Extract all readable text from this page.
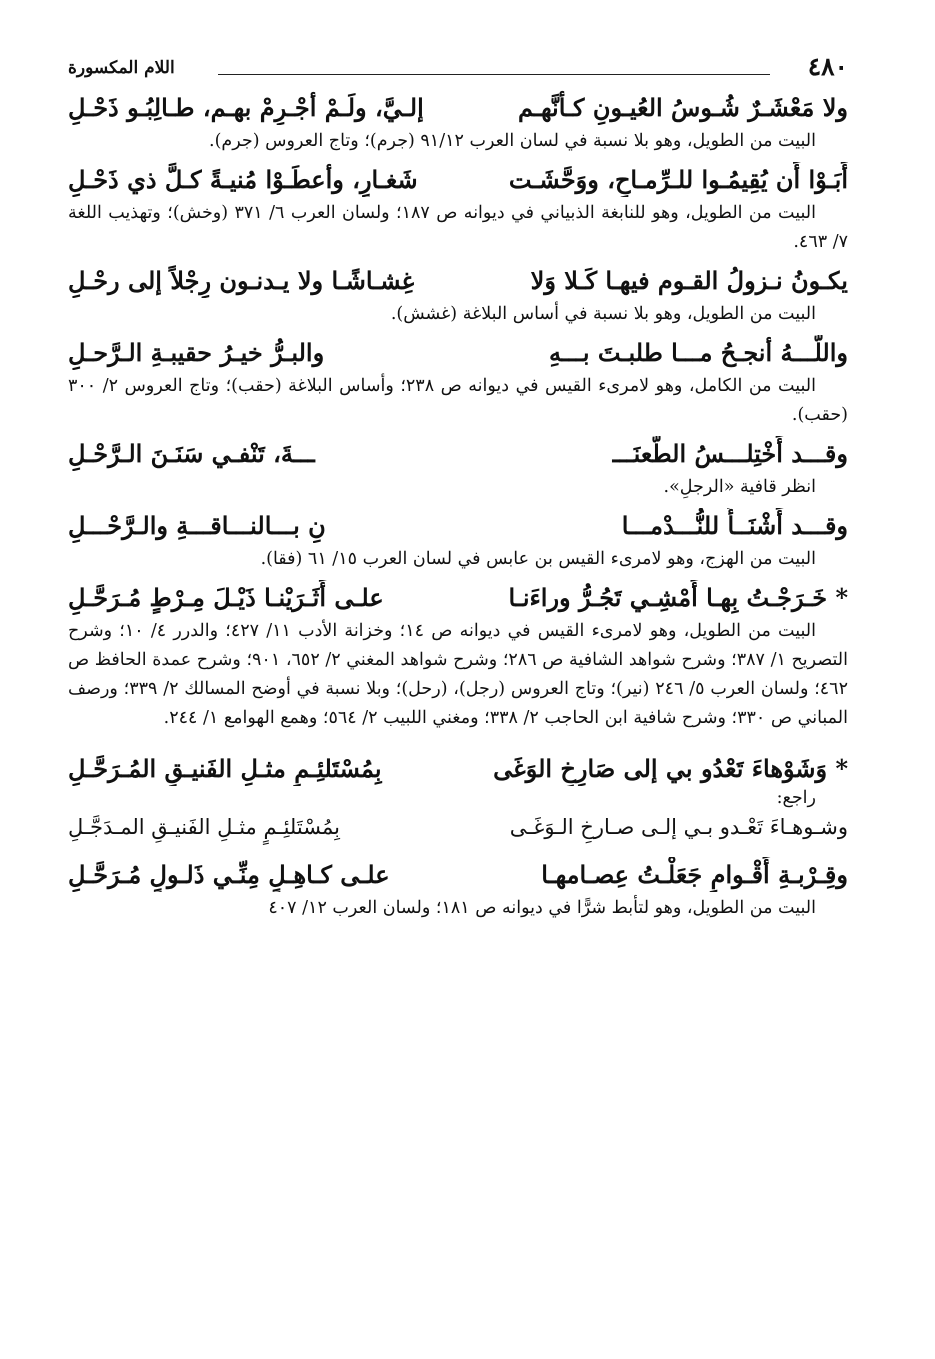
٤٨٠
اللام المكسورة
ولا مَعْشَـرٌ شُـوسُ العُيـونِ كـأنَّهـم
إلـيَّ، ولَـمْ أجْـرِمْ بهـم، طـالِبُـو ذَحْـلِ

البيت من الطويل، وهو بلا نسبة في لسان العرب ٩١/١٢ (جرم)؛ وتاج العروس (جرم).

أَبَـوْا أَن يُقِيمُـوا للـرِّمـاحِ، ووَحَّشَـت
شَغـارٍ، وأعطَـوْا مُنيـةً كـلَّ ذي ذَحْـلِ

البيت من الطويل، وهو للنابغة الذبياني في ديوانه ص ١٨٧؛ ولسان العرب ٦/ ٣٧١ (وخش)؛ وتهذيب اللغة ٧/ ٤٦٣.

يكـونُ نـزولُ القـوم فيهـا كَـلا وَلا
غِشـاشًـا ولا يـدنـون رِجْلاً إلى رحْـلِ

البيت من الطويل، وهو بلا نسبة في أساس البلاغة (غشش).

واللَّـــهُ أنجـحُ مـــا طلبـتَ بـــهِ
والبـرُّ خيـرُ حقيبـةِ الـرَّحـلِ

البيت من الكامل، وهو لامرىء القيس في ديوانه ص ٢٣٨؛ وأساس البلاغة (حقب)؛ وتاج العروس ٢/ ٣٠٠ (حقب).

وقـــد أَخْتِلـــسُ الطَّعنَـــ
ـــةَ، تَنْفـي سَنَـنَ الـرَّحْـلِ

انظر قافية «الرجلِ».

وقـــد أَشْنَــأُ للنُّـــدْمـــا
نِ بـــالنـــاقـــةِ والـرَّحْـــلِ

البيت من الهزج، وهو لامرىء القيس بن عابس في لسان العرب ١٥/ ٦١ (فقا).

* خَـرَجْـتُ بِهـا أَمْشِـي تَجُـرُّ وراءَنـا
علـى أَثَـرَيْنـا ذَيْـلَ مِـرْطٍ مُـرَحَّـلِ

البيت من الطويل، وهو لامرىء القيس في ديوانه ص ١٤؛ وخزانة الأدب ١١/ ٤٢٧؛ والدرر ٤/ ١٠؛ وشرح التصريح ١/ ٣٨٧؛ وشرح شواهد الشافية ص ٢٨٦؛ وشرح شواهد المغني ٢/ ٦٥٢، ٩٠١؛ وشرح عمدة الحافظ ص ٤٦٢؛ ولسان العرب ٥/ ٢٤٦ (نير)؛ وتاج العروس (رجل)، (رحل)؛ وبلا نسبة في أوضح المسالك ٢/ ٣٣٩؛ ورصف المباني ص ٣٣٠؛ وشرح شافية ابن الحاجب ٢/ ٣٣٨؛ ومغني اللبيب ٢/ ٥٦٤؛ وهمع الهوامع ١/ ٢٤٤.

* وَشَوْهاءَ تَعْدُو بي إلى صَارِخِ الوَغَى
بِمُسْتَلئِـمٍ مثـلِ الفَنيـقِ المُـرَحَّـلِ

راجع:

وشـوهـاءَ تَعْـدو بـي إلـى صـارخِ الـوَغَـى
بِمُسْتَلئِـمٍ مثـلِ الفَنيـقِ المـدَجَّـلِ
وقِـرْبـةِ أَقْـوامٍ جَعَلْـتُ عِصـامهـا
علـى كـاهِـلٍ مِنِّـي ذَلـولٍ مُـرَحَّـلِ

البيت من الطويل، وهو لتأبط شرًّا في ديوانه ص ١٨١؛ ولسان العرب ١٢/ ٤٠٧
